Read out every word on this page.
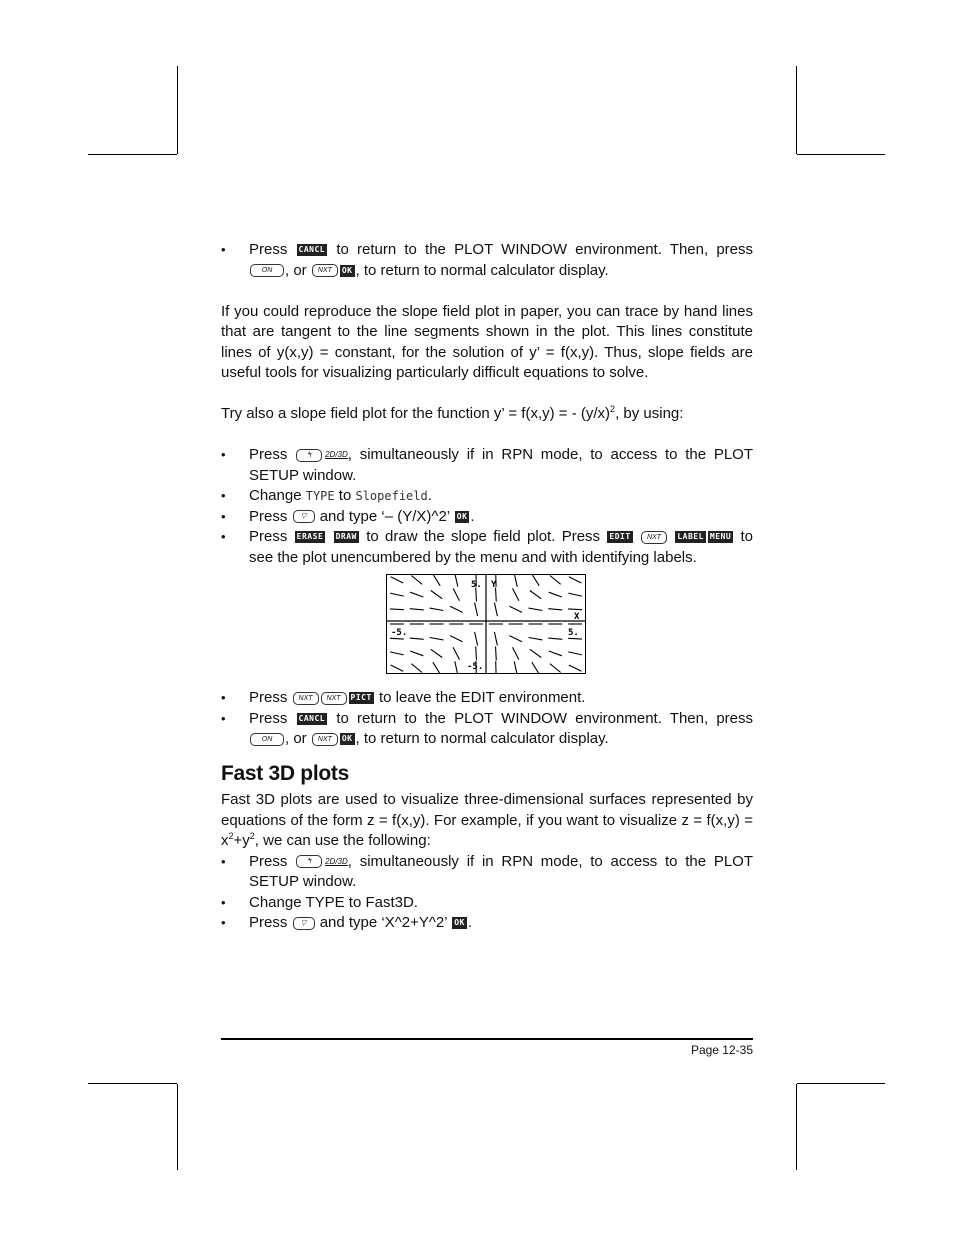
• Press CANCL to return to the PLOT WINDOW environment. Then, press ON , or NXT OK , to return to normal calculator display.

If you could reproduce the slope field plot in paper, you can trace by hand lines that are tangent to the line segments shown in the plot. This lines constitute lines of y(x,y) = constant, for the solution of y’ = f(x,y). Thus, slope fields are useful tools for visualizing particularly difficult equations to solve.

Try also a slope field plot for the function y’ = f(x,y) = - $(y/x)^2$, by using:

• Press	↰ 2D/3D, simultaneously if in RPN mode, to access to the PLOT SETUP window.
• Change TYPE to Slopefield.
• Press ▽ and type ‘– (Y/X)^2’ OK .
• Press ERASE DRAW to draw the slope field plot. Press EDIT NXT LABEL MENU to see the plot unencumbered by the menu and with identifying labels.
5. Y
-5.	5.
-5.
X
• Press NXT NXT PICT to leave the EDIT environment.
• Press CANCL to return to the PLOT WINDOW environment. Then, press ON , or NXT OK , to return to normal calculator display.
Fast 3D plots

Fast 3D plots are used to visualize three-dimensional surfaces represented by equations of the form z = f(x,y). For example, if you want to visualize $z = f(x,y) = x^2+y^2$, we can use the following:

• Press	↰ 2D/3D, simultaneously if in RPN mode, to access to the PLOT SETUP window.
• Change TYPE to Fast3D.
• Press ▽ and type ‘X^2+Y^2’ OK .
Page 12-35
